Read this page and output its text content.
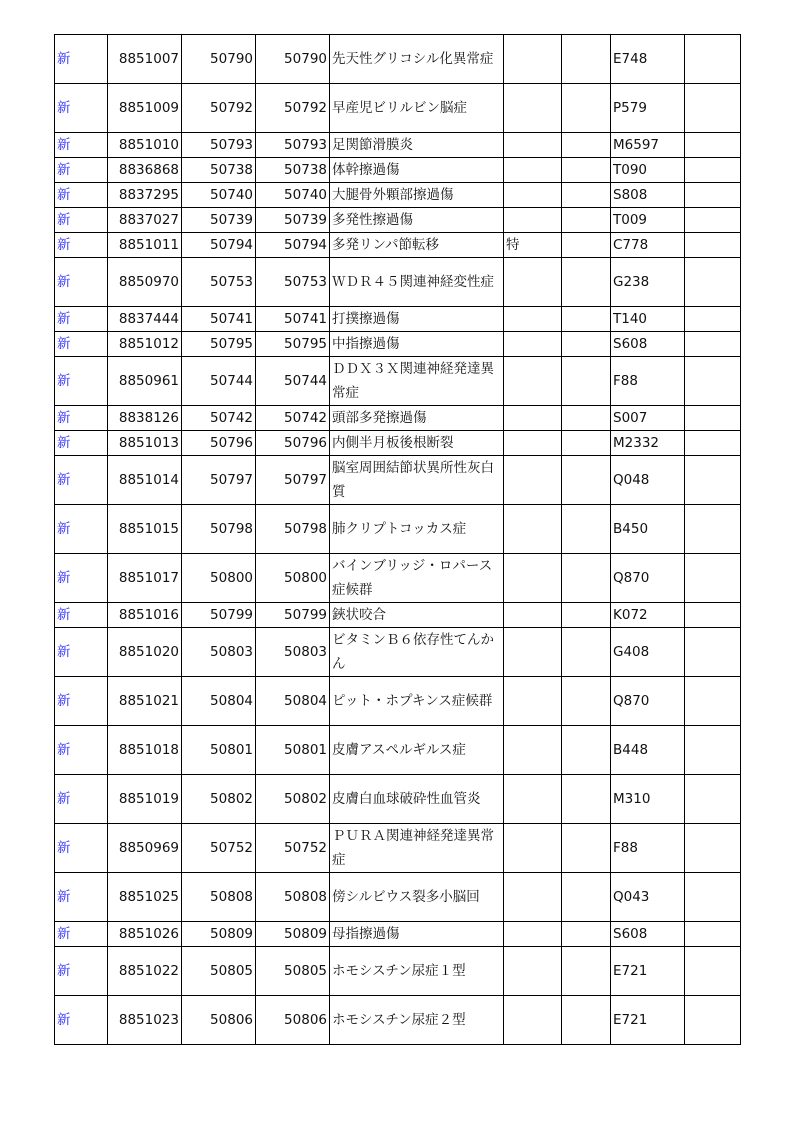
新	8851007	50790	50790	先天性グリコシル化異常症			E748	
新	8851009	50792	50792	早産児ビリルビン脳症			P579	
新	8851010	50793	50793	足関節滑膜炎			M6597	
新	8836868	50738	50738	体幹擦過傷			T090	
新	8837295	50740	50740	大腿骨外顆部擦過傷			S808	
新	8837027	50739	50739	多発性擦過傷			T009	
新	8851011	50794	50794	多発リンパ節転移	特		C778	
新	8850970	50753	50753	ＷＤＲ４５関連神経変性症			G238	
新	8837444	50741	50741	打撲擦過傷			T140	
新	8851012	50795	50795	中指擦過傷			S608	
新	8850961	50744	50744	ＤＤＸ３Ｘ関連神経発達異常症			F88	
新	8838126	50742	50742	頭部多発擦過傷			S007	
新	8851013	50796	50796	内側半月板後根断裂			M2332	
新	8851014	50797	50797	脳室周囲結節状異所性灰白質			Q048	
新	8851015	50798	50798	肺クリプトコッカス症			B450	
新	8851017	50800	50800	バインブリッジ・ロパース症候群			Q870	
新	8851016	50799	50799	鋏状咬合			K072	
新	8851020	50803	50803	ビタミンＢ６依存性てんかん			G408	
新	8851021	50804	50804	ピット・ホプキンス症候群			Q870	
新	8851018	50801	50801	皮膚アスペルギルス症			B448	
新	8851019	50802	50802	皮膚白血球破砕性血管炎			M310	
新	8850969	50752	50752	ＰＵＲＡ関連神経発達異常症			F88	
新	8851025	50808	50808	傍シルビウス裂多小脳回			Q043	
新	8851026	50809	50809	母指擦過傷			S608	
新	8851022	50805	50805	ホモシスチン尿症１型			E721	
新	8851023	50806	50806	ホモシスチン尿症２型			E721	
